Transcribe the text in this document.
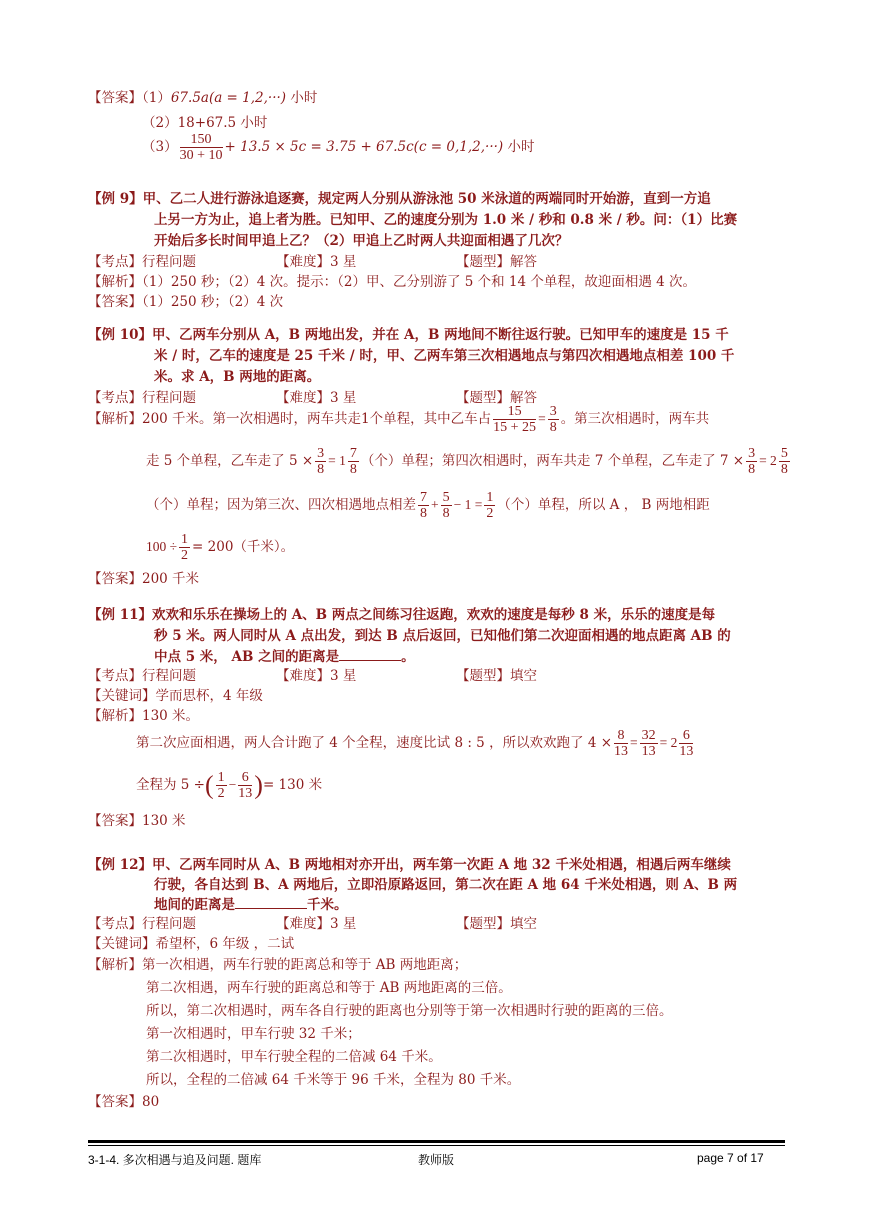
【答案】（1）67.5a(a = 1,2,···) 小时
（2）18+67.5 小时
$(3) \frac{150}{30 + 10} + 13.5 \times 5c = 3.75 + 67.5c(c = 0,1,2,\cdot\cdot\cdot)$ 小时
【例 9】甲、乙二人进行游泳追逐赛，规定两人分别从游泳池 50 米泳道的两端同时开始游，直到一方追
上另一方为止，追上者为胜。已知甲、乙的速度分别为 1.0 米 / 秒和 0.8 米 / 秒。问：（1）比赛
开始后多长时间甲追上乙？（2）甲追上乙时两人共迎面相遇了几次？
【考点】行程问题	【难度】3 星	【题型】解答
【解析】（1）250 秒；（2）4 次。提示：（2）甲、乙分别游了 5 个和 14 个单程，故迎面相遇 4 次。
【答案】（1）250 秒；（2）4 次
【例 10】甲、乙两车分别从 A，B 两地出发，并在 A，B 两地间不断往返行驶。已知甲车的速度是 15 千
米 / 时，乙车的速度是 25 千米 / 时，甲、乙两车第三次相遇地点与第四次相遇地点相差 100 千
米。求 A，B 两地的距离。
【考点】行程问题	【难度】3 星	【题型】解答
【解析】200 千米。第一次相遇时，两车共走1个单程，其中乙车占 $\frac{15}{15 + 25} = \frac{3}{8}$ 。第三次相遇时，两车共
走 5 个单程，乙车走了 $5 \times \frac{3}{8} = 1 \frac{7}{8}$ （个）单程；第四次相遇时，两车共走 7 个单程，乙车走了 $7 \times \frac{3}{8} = 2 \frac{5}{8}$
（个）单程；因为第三次、四次相遇地点相差 $\frac{7}{8} + \frac{5}{8} - 1 = \frac{1}{2}$ （个）单程，所以 A ， B 两地相距
$100 \div \frac{1}{2} = 200$（千米）。
【答案】200 千米
【例 11】欢欢和乐乐在操场上的 A、B 两点之间练习往返跑，欢欢的速度是每秒 8 米，乐乐的速度是每
秒 5 米。两人同时从 A 点出发，到达 B 点后返回，已知他们第二次迎面相遇的地点距离 AB 的
中点 5 米， AB 之间的距离是	。
【考点】行程问题	【难度】3 星	【题型】填空
【关键词】学而思杯，4 年级
【解析】130 米。
第二次应面相遇，两人合计跑了 4 个全程，速度比试 8 : 5 ，所以欢欢跑了 $4 \times \frac{8}{13} = \frac{32}{13} = 2 \frac{6}{13}$
全程为 5 ÷( $\frac{1}{2} - \frac{6}{13}$ )= 130 米
【答案】130 米
【例 12】甲、乙两车同时从 A、B 两地相对亦开出，两车第一次距 A 地 32 千米处相遇，相遇后两车继续
行驶，各自达到 B、A 两地后，立即沿原路返回，第二次在距 A 地 64 千米处相遇，则 A、B 两
地间的距离是	千米。
【考点】行程问题	【难度】3 星	【题型】填空
【关键词】希望杯，6 年级 ，二试
【解析】第一次相遇，两车行驶的距离总和等于 AB 两地距离；
第二次相遇，两车行驶的距离总和等于 AB 两地距离的三倍。
所以，第二次相遇时，两车各自行驶的距离也分别等于第一次相遇时行驶的距离的三倍。
第一次相遇时，甲车行驶 32 千米；
第二次相遇时，甲车行驶全程的二倍减 64 千米。
所以，全程的二倍减 64 千米等于 96 千米，全程为 80 千米。
【答案】80
3-1-4. 多次相遇与追及问题. 题库	教师版	page 7 of 17
